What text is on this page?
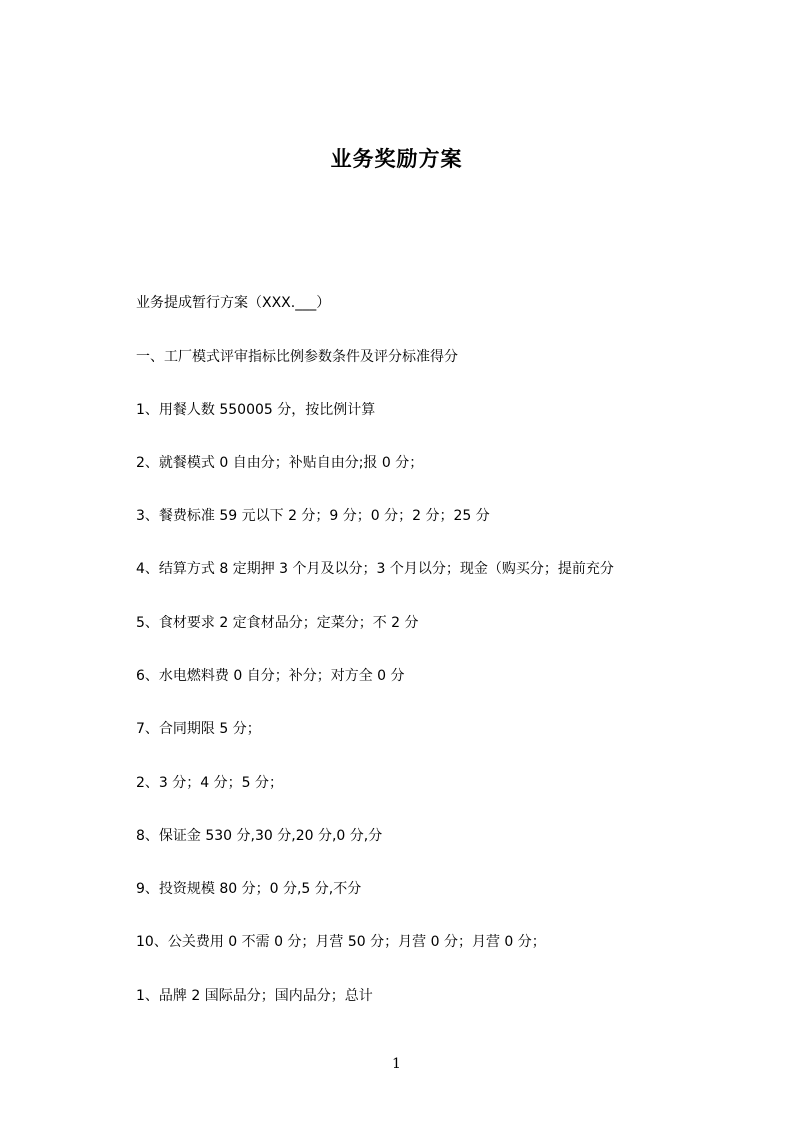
业务奖励方案
业务提成暂行方案（XXX.___）
一、工厂模式评审指标比例参数条件及评分标准得分
1、用餐人数 550005 分，按比例计算
2、就餐模式 0 自由分；补贴自由分;报 0 分；
3、餐费标准 59 元以下 2 分；9 分；0 分；2 分；25 分
4、结算方式 8 定期押 3 个月及以分；3 个月以分；现金（购买分；提前充分
5、食材要求 2 定食材品分；定菜分；不 2 分
6、水电燃料费 0 自分；补分；对方全 0 分
7、合同期限 5 分；
2、3 分；4 分；5 分；
8、保证金 530 分,30 分,20 分,0 分,分
9、投资规模 80 分；0 分,5 分,不分
10、公关费用 0 不需 0 分；月营 50 分；月营 0 分；月营 0 分；
1、品牌 2 国际品分；国内品分；总计
1
